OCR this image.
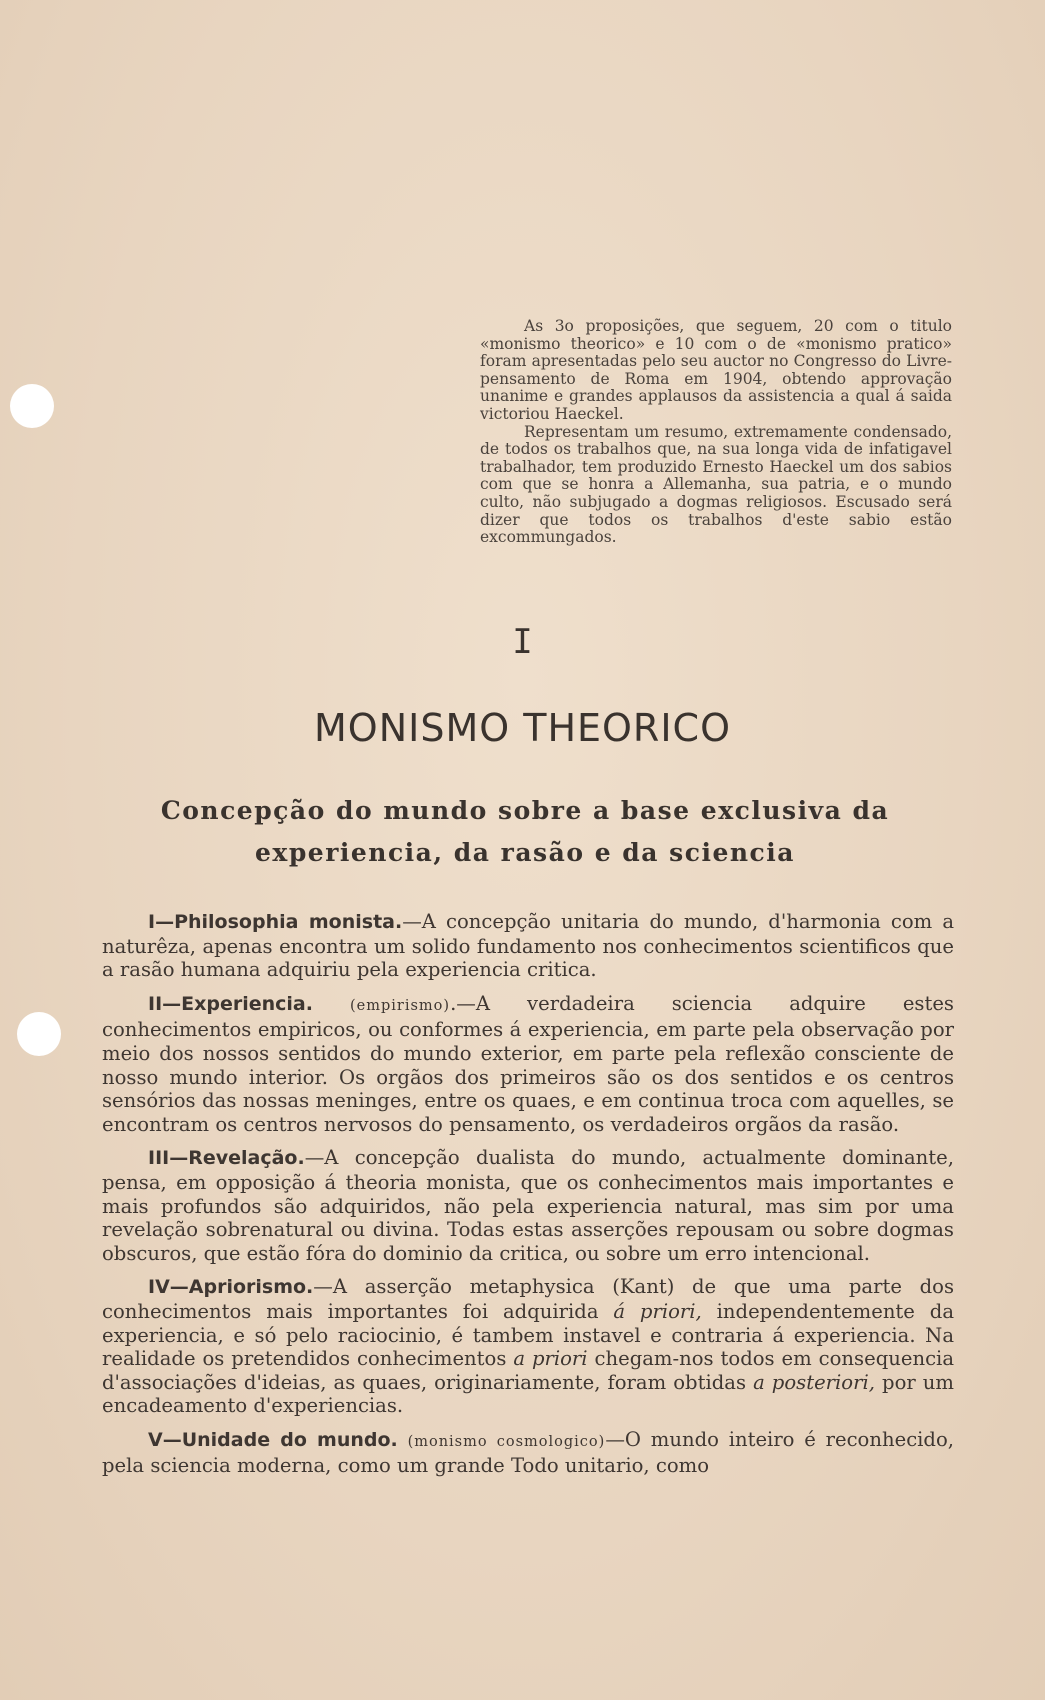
As 3o proposições, que seguem, 20 com o titulo «monismo theorico» e 10 com o de «monismo pratico» foram apresentadas pelo seu auctor no Congresso do Livre-pensamento de Roma em 1904, obtendo approvação unanime e grandes applausos da assistencia a qual á saida victoriou Haeckel.

Representam um resumo, extremamente condensado, de todos os trabalhos que, na sua longa vida de infatigavel trabalhador, tem produzido Ernesto Haeckel um dos sabios com que se honra a Allemanha, sua patria, e o mundo culto, não subjugado a dogmas religiosos. Escusado será dizer que todos os trabalhos d'este sabio estão excommungados.

I
MONISMO THEORICO
Concepção do mundo sobre a base exclusiva da experiencia, da rasão e da sciencia

I—Philosophia monista.—A concepção unitaria do mundo, d'harmonia com a naturêza, apenas encontra um solido fundamento nos conhecimentos scientificos que a rasão humana adquiriu pela experiencia critica.

II—Experiencia.	(empirismo).—A verdadeira sciencia adquire estes conhecimentos empiricos, ou conformes á experiencia, em parte pela observação por meio dos nossos sentidos do mundo exterior, em parte pela reflexão consciente de nosso mundo interior. Os orgãos dos primeiros são os dos sentidos e os centros sensórios das nossas meninges, entre os quaes, e em continua troca com aquelles, se encontram os centros nervosos do pensamento, os verdadeiros orgãos da rasão.

III—Revelação.—A concepção dualista do mundo, actualmente dominante, pensa, em opposição á theoria monista, que os conhecimentos mais importantes e mais profundos são adquiridos, não pela experiencia natural, mas sim por uma revelação sobrenatural ou divina. Todas estas asserções repousam ou sobre dogmas obscuros, que estão fóra do dominio da critica, ou sobre um erro intencional.

IV—Apriorismo.—A asserção metaphysica (Kant) de que uma parte dos conhecimentos mais importantes foi adquirida á priori, independentemente da experiencia, e só pelo raciocinio, é tambem instavel e contraria á experiencia. Na realidade os pretendidos conhecimentos a priori chegam-nos todos em consequencia d'associações d'ideias, as quaes, originariamente, foram obtidas a posteriori, por um encadeamento d'experiencias.

V—Unidade do mundo. (monismo cosmologico)—O mundo inteiro é reconhecido, pela sciencia moderna, como um grande Todo unitario, como
